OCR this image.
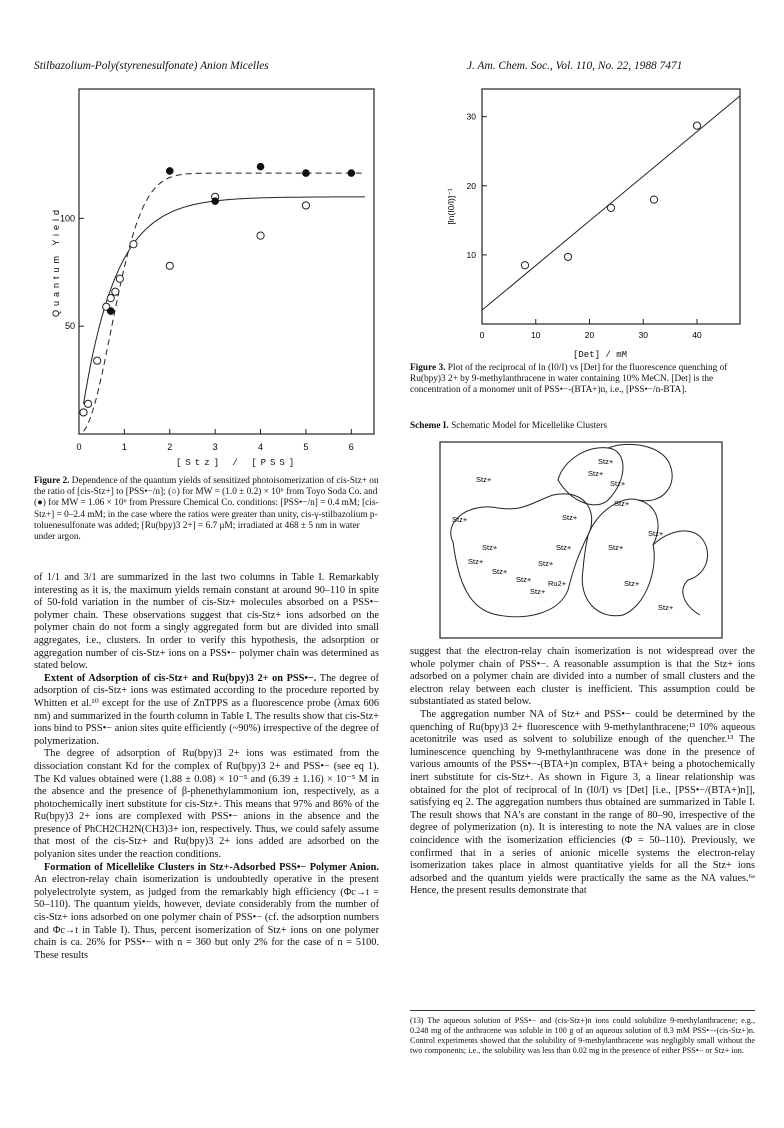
Stilbazolium-Poly(styrenesulfonate) Anion Micelles	J. Am. Chem. Soc., Vol. 110, No. 22, 1988 7471
0	1	2	3	4	5	6
50
100
Quantum Yield
[Stz] / [PSS]
Figure 2. Dependence of the quantum yields of sensitized photoisomerization of cis-Stz+ on the ratio of [cis-Stz+] to [PSS•−/n]; (○) for MW = (1.0 ± 0.2) × 10⁶ from Toyo Soda Co. and (●) for MW = 1.06 × 10⁶ from Pressure Chemical Co. conditions: [PSS•−/n] = 0.4 mM; [cis-Stz+] = 0–2.4 mM; in the case where the ratios were greater than unity, cis-γ-stilbazolium p-toluenesulfonate was added; [Ru(bpy)3 2+] = 6.7 μM; irradiated at 468 ± 5 nm in water under argon.
0	10	20	30	40
10
20
30
[ln(I0/I)]⁻¹
[Det] / mM
Figure 3. Plot of the reciprocal of ln (I0/I) vs [Det] for the fluorescence quenching of Ru(bpy)3 2+ by 9-methylanthracene in water containing 10% MeCN. [Det] is the concentration of a monomer unit of PSS•−-(BTA+)n, i.e., [PSS•−/n-BTA].
Scheme I. Schematic Model for Micellelike Clusters
Stz+
Stz+
Stz+
Stz+
Stz+
Stz+
Stz+
Stz+
Stz+
Ru2+
Stz+
Stz+
Stz+
Stz+
Stz+
Stz+
Stz+
Stz+
Stz+

of 1/1 and 3/1 are summarized in the last two columns in Table I. Remarkably interesting as it is, the maximum yields remain constant at around 90–110 in spite of 50-fold variation in the number of cis-Stz+ molecules absorbed on a PSS•− polymer chain. These observations suggest that cis-Stz+ ions adsorbed on the polymer chain do not form a singly aggregated form but are divided into small aggregates, i.e., clusters. In order to verify this hypothesis, the adsorption or aggregation number of cis-Stz+ ions on a PSS•− polymer chain was determined as stated below.

Extent of Adsorption of cis-Stz+ and Ru(bpy)3 2+ on PSS•−. The degree of adsorption of cis-Stz+ ions was estimated according to the procedure reported by Whitten et al.¹⁰ except for the use of ZnTPPS as a fluorescence probe (λmax 606 nm) and summarized in the fourth column in Table I. The results show that cis-Stz+ ions bind to PSS•− anion sites quite efficiently (~90%) irrespective of the degree of polymerization.

The degree of adsorption of Ru(bpy)3 2+ ions was estimated from the dissociation constant Kd for the complex of Ru(bpy)3 2+ and PSS•− (see eq 1). The Kd values obtained were (1.88 ± 0.08) × 10⁻⁵ and (6.39 ± 1.16) × 10⁻⁵ M in the absence and the presence of β-phenethylammonium ion, respectively, as a photochemically inert substitute for cis-Stz+. This means that 97% and 86% of the Ru(bpy)3 2+ ions are complexed with PSS•− anions in the absence and the presence of PhCH2CH2N(CH3)3+ ion, respectively. Thus, we could safely assume that most of the cis-Stz+ and Ru(bpy)3 2+ ions added are adsorbed on the polyanion sites under the reaction conditions.

Formation of Micellelike Clusters in Stz+-Adsorbed PSS•− Polymer Anion. An electron-relay chain isomerization is undoubtedly operative in the present polyelectrolyte system, as judged from the remarkably high efficiency (Φc→t = 50–110). The quantum yields, however, deviate considerably from the number of cis-Stz+ ions adsorbed on one polymer chain of PSS•− (cf. the adsorption numbers and Φc→t in Table I). Thus, percent isomerization of Stz+ ions on one polymer chain is ca. 26% for PSS•− with n = 360 but only 2% for the case of n = 5100. These results

suggest that the electron-relay chain isomerization is not widespread over the whole polymer chain of PSS•−. A reasonable assumption is that the Stz+ ions adsorbed on a polymer chain are divided into a number of small clusters and the electron relay between each cluster is inefficient. This assumption could be substantiated as stated below.

The aggregation number NA of Stz+ and PSS•− could be determined by the quenching of Ru(bpy)3 2+ fluorescence with 9-methylanthracene;¹³ 10% aqueous acetonitrile was used as solvent to solubilize enough of the quencher.¹³ The luminescence quenching by 9-methylanthracene was done in the presence of various amounts of the PSS•−-(BTA+)n complex, BTA+ being a photochemically inert substitute for cis-Stz+. As shown in Figure 3, a linear relationship was obtained for the plot of reciprocal of ln (I0/I) vs [Det] [i.e., [PSS•−/(BTA+)n]], satisfying eq 2. The aggregation numbers thus obtained are summarized in Table I. The result shows that NA's are constant in the range of 80–90, irrespective of the degree of polymerization (n). It is interesting to note the NA values are in close coincidence with the isomerization efficiencies (Φ = 50–110). Previously, we confirmed that in a series of anionic micelle systems the electron-relay isomerization takes place in almost quantitative yields for all the Stz+ ions adsorbed and the quantum yields were practically the same as the NA values.⁶ᵃ Hence, the present results demonstrate that

(13) The aqueous solution of PSS•− and (cis-Stz+)n ions could solubilize 9-methylanthracene; e.g., 0.248 mg of the anthracene was soluble in 100 g of an aqueous solution of 8.3 mM PSS•−-(cis-Stz+)n. Control experiments showed that the solubility of 9-methylanthracene was negligibly small without the two components; i.e., the solubility was less than 0.02 mg in the presence of either PSS•− or Stz+ ion.
